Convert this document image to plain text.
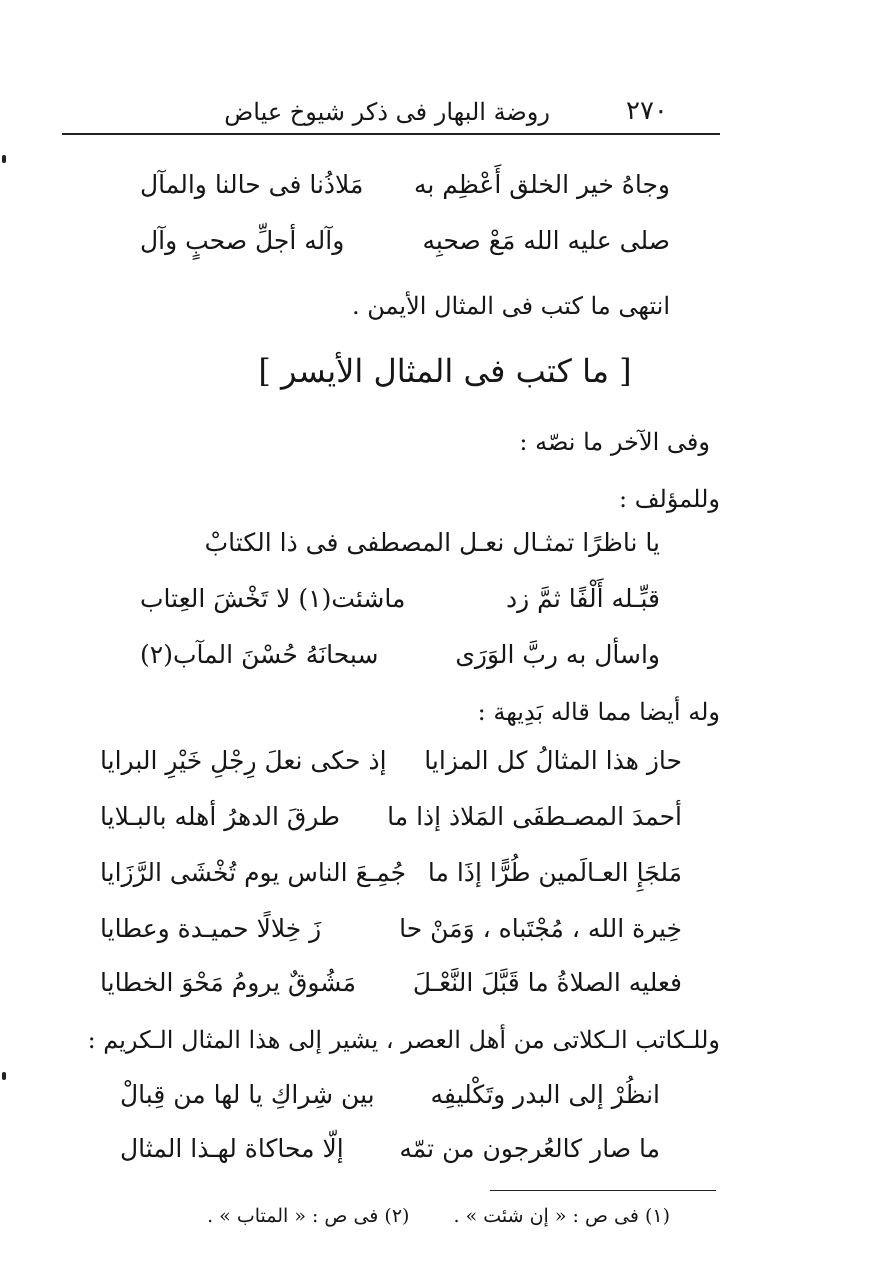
٢٧٠
روضة البهار فى ذكر شيوخ عياض
وجاهُ خير الخلق أَعْظِم به
مَلاذُنا فى حالنا والمآل
صلى عليه الله مَعْ صحبِه
وآله أجلِّ صحبٍ وآل
انتهى ما كتب فى المثال الأيمن .
[ ما كتب فى المثال الأيسر ]
وفى الآخر ما نصّه :
وللمؤلف :
يا ناظرًا تمثـال نعـل المصطفى فى ذا الكتابْ
قبِّـله أَلْفًا ثمَّ زد
ماشئت(١) لا تَخْشَ العِتاب
واسأل به ربَّ الوَرَى
سبحانَهُ حُسْنَ المآب(٢)
وله أيضا مما قاله بَدِيهة :
حاز هذا المثالُ كل المزايا
إذ حكى نعلَ رِجْلِ خَيْرِ البرايا
أحمدَ المصـطفَى المَلاذ إذا ما
طرقَ الدهرُ أهله بالبـلايا
مَلجَإِ العـالَمين طُرًّا إذَا ما
جُمِـعَ الناس يوم تُخْشَى الرَّزَايا
خِيرة الله ، مُجْتَباه ، وَمَنْ حا
زَ خِلالًا حميـدة وعطايا
فعليه الصلاةُ ما قَبَّلَ النَّعْـلَ
مَشُوقٌ يرومُ مَحْوَ الخطايا
وللـكاتب الـكلاتى من أهل العصر ، يشير إلى هذا المثال الـكريم :
انظُرْ إلى البدر وتَكْليفِه
بين شِراكِ يا لها من قِبالْ
ما صار كالعُرجون من تمّه
إلّا محاكاة لهـذا المثال
(١) فى ص : « إن شئت » . (٢) فى ص : « المتاب » .
